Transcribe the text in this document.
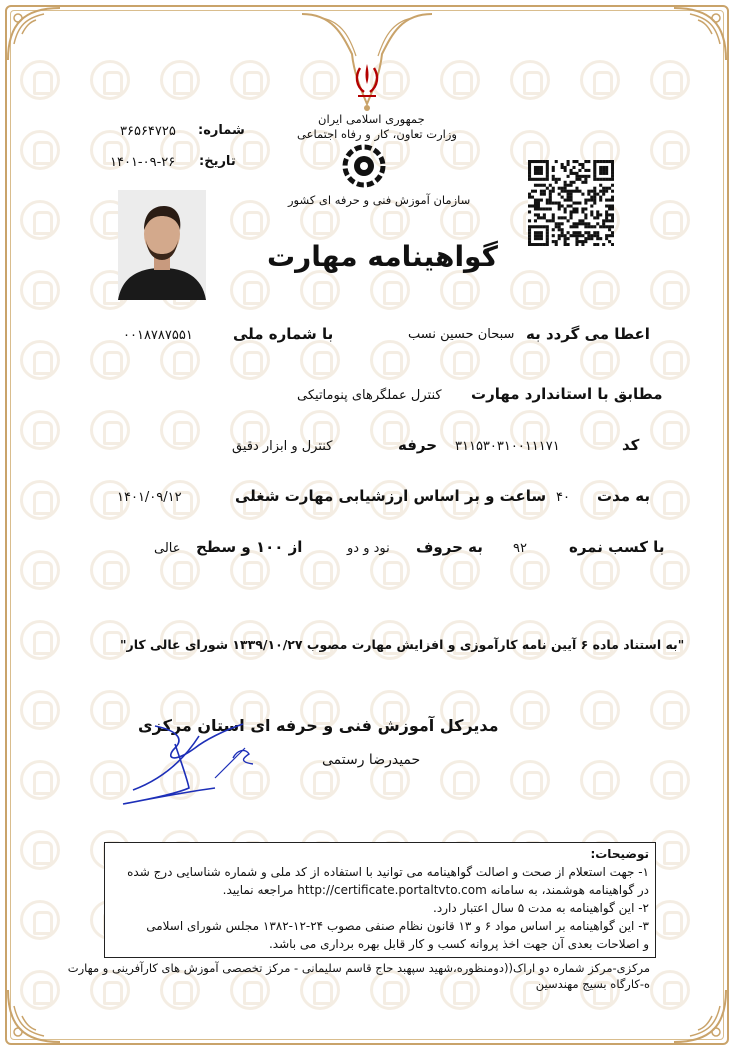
جمهوری اسلامی ایران
وزارت تعاون، کار و رفاه اجتماعی
سازمان آموزش فنی و حرفه ای کشور
شماره:
۳۶۵۶۴۷۲۵
تاریخ:
۱۴۰۱-۰۹-۲۶
گواهینامه مهارت
اعطا می گردد به
سبحان حسین نسب
با شماره ملی
۰۰۱۸۷۸۷۵۵۱
مطابق با استاندارد مهارت
کنترل عملگرهای پنوماتیکی
کد
۳۱۱۵۳۰۳۱۰۰۱۱۱۷۱
حرفه
کنترل و ابزار دقیق
به مدت
۴۰
ساعت و بر اساس ارزشیابی مهارت شغلی
۱۴۰۱/۰۹/۱۲
با کسب نمره
۹۲
به حروف
نود و دو
از ۱۰۰ و سطح
عالی
"به استناد ماده ۶ آیین نامه کارآموزی و افزایش مهارت مصوب ۱۳۳۹/۱۰/۲۷ شورای عالی کار"
مدیرکل آموزش فنی و حرفه ای استان مرکزی
حمیدرضا رستمی
توضیحات:
۱- جهت استعلام از صحت و اصالت گواهینامه می توانید با استفاده از کد ملی و شماره شناسایی درج شده
در گواهینامه هوشمند، به سامانه http://certificate.portaltvto.com مراجعه نمایید.
۲- این گواهینامه به مدت ۵ سال اعتبار دارد.
۳- این گواهینامه بر اساس مواد ۶ و ۱۳ قانون نظام صنفی مصوب ۲۴-۱۲-۱۳۸۲ مجلس شورای اسلامی
و اصلاحات بعدی آن جهت اخذ پروانه کسب و کار قابل بهره برداری می باشد.
مرکزی-مرکز شماره دو اراک((دومنظوره،شهید سپهبد حاج قاسم سلیمانی - مرکز تخصصی آموزش های کارآفرینی و مهارت
ه-کارگاه بسیج مهندسین
